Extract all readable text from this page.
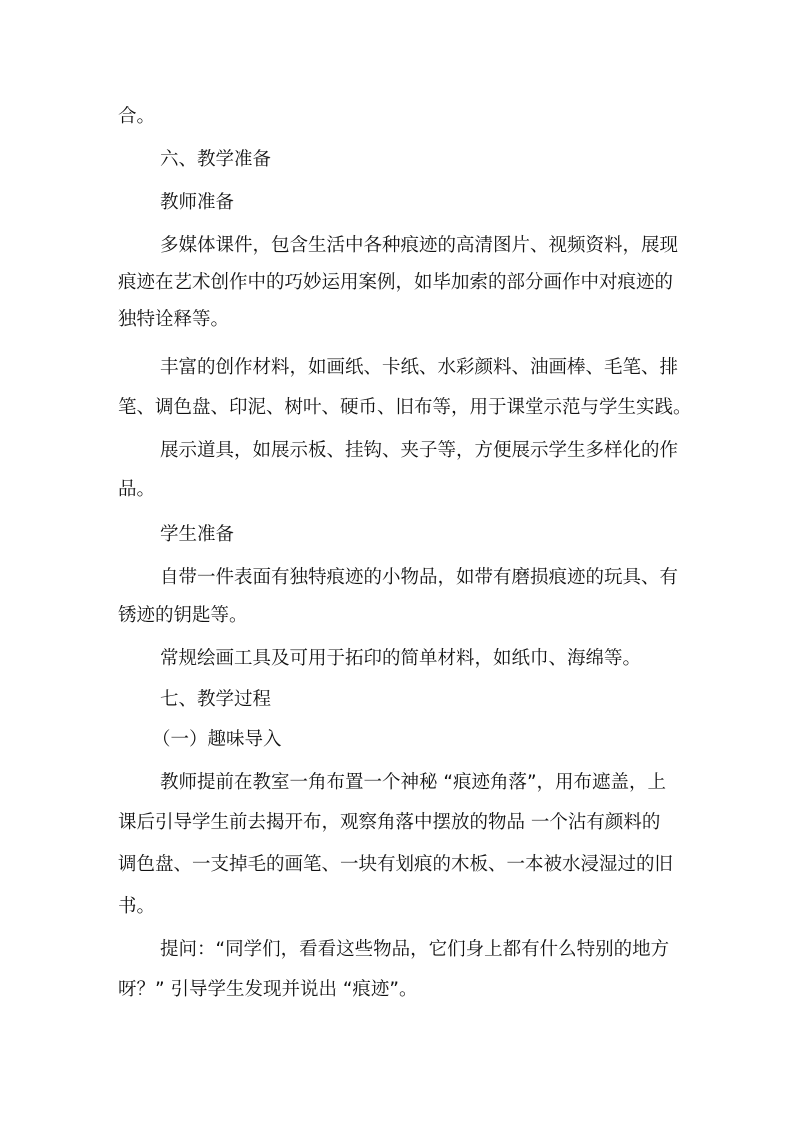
合。
六、教学准备
教师准备
多媒体课件，包含生活中各种痕迹的高清图片、视频资料，展现
痕迹在艺术创作中的巧妙运用案例，如毕加索的部分画作中对痕迹的
独特诠释等。
丰富的创作材料，如画纸、卡纸、水彩颜料、油画棒、毛笔、排
笔、调色盘、印泥、树叶、硬币、旧布等，用于课堂示范与学生实践。
展示道具，如展示板、挂钩、夹子等，方便展示学生多样化的作
品。
学生准备
自带一件表面有独特痕迹的小物品，如带有磨损痕迹的玩具、有
锈迹的钥匙等。
常规绘画工具及可用于拓印的简单材料，如纸巾、海绵等。
七、教学过程
（一）趣味导入
教师提前在教室一角布置一个神秘 “痕迹角落”，用布遮盖，上
课后引导学生前去揭开布，观察角落中摆放的物品 一个沾有颜料的
调色盘、一支掉毛的画笔、一块有划痕的木板、一本被水浸湿过的旧
书。
提问：“同学们，看看这些物品，它们身上都有什么特别的地方
呀？” 引导学生发现并说出 “痕迹”。
